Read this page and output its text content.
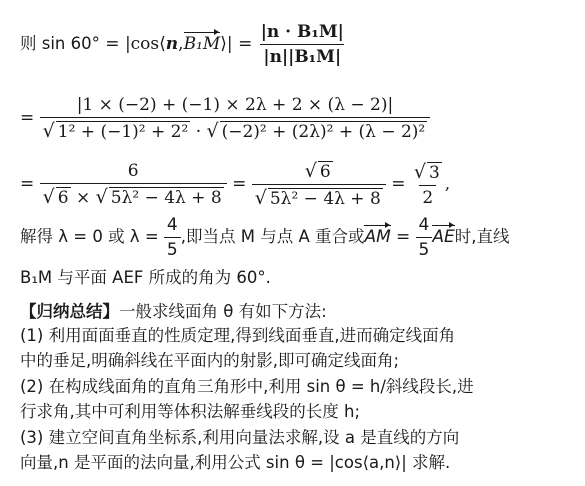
则 sin 60° = |cos⟨n,B₁M⟩| = $\frac{\text{|n · B₁M|}}{\text{|n||B₁M|}}$
= $\frac{|1 \times (-2) + (-1) \times 2\lambda + 2 \times (\lambda - 2)|}{\text{√ 1² + (−1)² + 2² · √ (−2)² + (2λ)² + (λ − 2)²}}$
= $\frac{6}{\text{√ 6 × √ 5λ² − 4λ + 8}} = \frac{√ 6}{\text{√ 5λ² − 4λ + 8}} = \frac{√ 3}{2}$ ,
解得 λ = 0 或 $\lambda = \frac{4}{5}$ ,即当点 M 与点 A 重合或AM = $\frac{4}{5}$ AE时,直线
B₁M 与平面 AEF 所成的角为 60°.
【归纳总结】一般求线面角 θ 有如下方法:
(1) 利用面面垂直的性质定理,得到线面垂直,进而确定线面角
中的垂足,明确斜线在平面内的射影,即可确定线面角;
(2) 在构成线面角的直角三角形中,利用 sin θ = h/斜线段长,进
行求角,其中可利用等体积法解垂线段的长度 h;
(3) 建立空间直角坐标系,利用向量法求解,设 a 是直线的方向
向量,n 是平面的法向量,利用公式 sin θ = |cos⟨a,n⟩| 求解.
